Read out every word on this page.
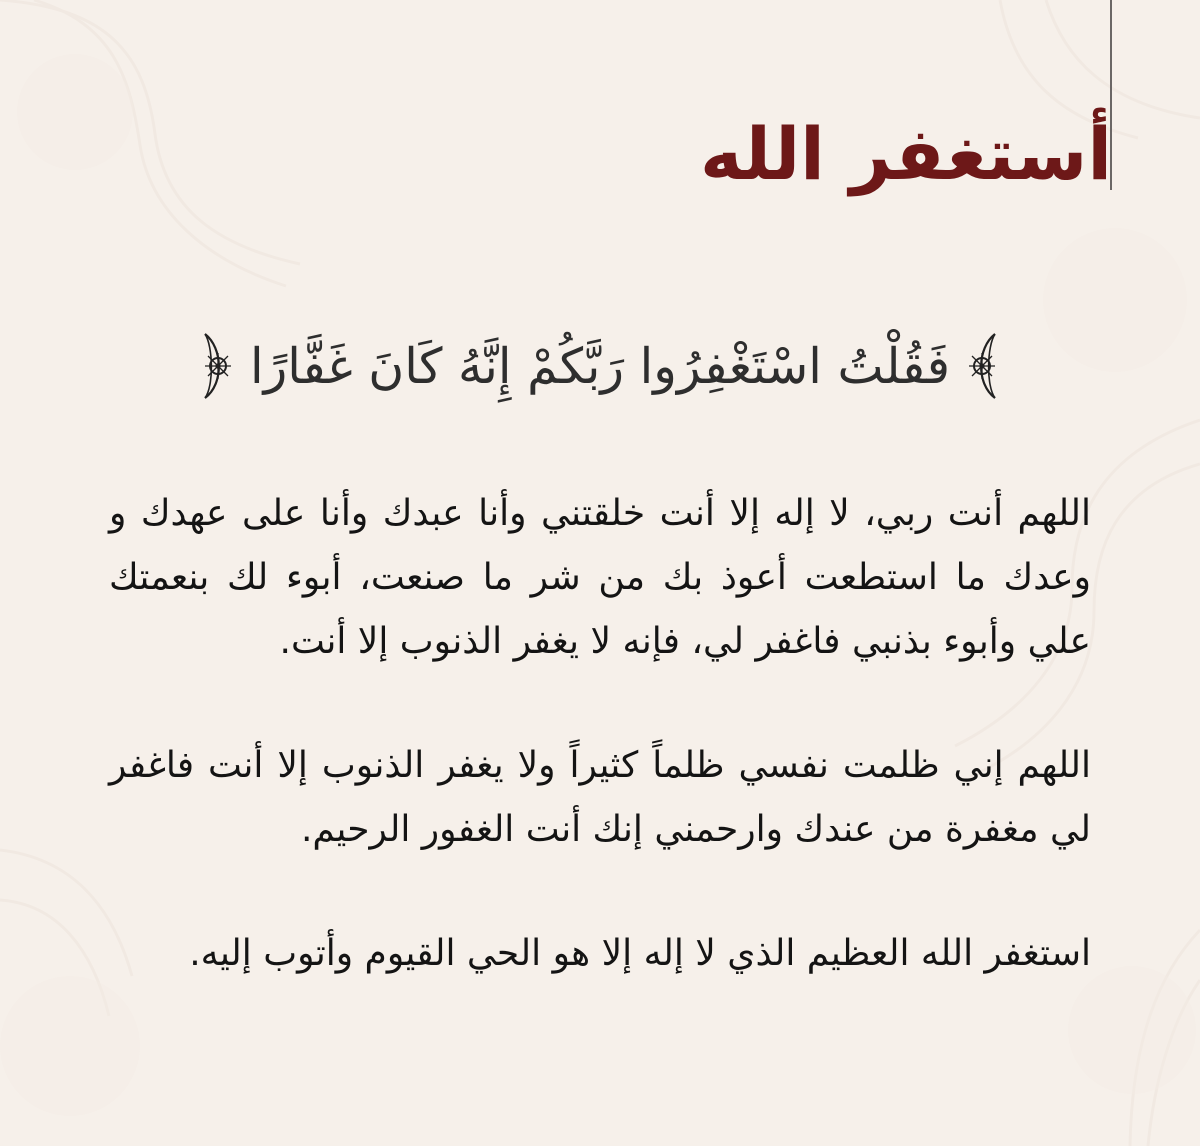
أستغفر الله
فَقُلْتُ اسْتَغْفِرُوا رَبَّكُمْ إِنَّهُ كَانَ غَفَّارًا

اللهم أنت ربي، لا إله إلا أنت خلقتني وأنا عبدك وأنا على عهدك و وعدك ما استطعت أعوذ بك من شر ما صنعت، أبوء لك بنعمتك علي وأبوء بذنبي فاغفر لي، فإنه لا يغفر الذنوب إلا أنت.

اللهم إني ظلمت نفسي ظلماً كثيراً ولا يغفر الذنوب إلا أنت فاغفر لي مغفرة من عندك وارحمني إنك أنت الغفور الرحيم.

استغفر الله العظيم الذي لا إله إلا هو الحي القيوم وأتوب إليه.
